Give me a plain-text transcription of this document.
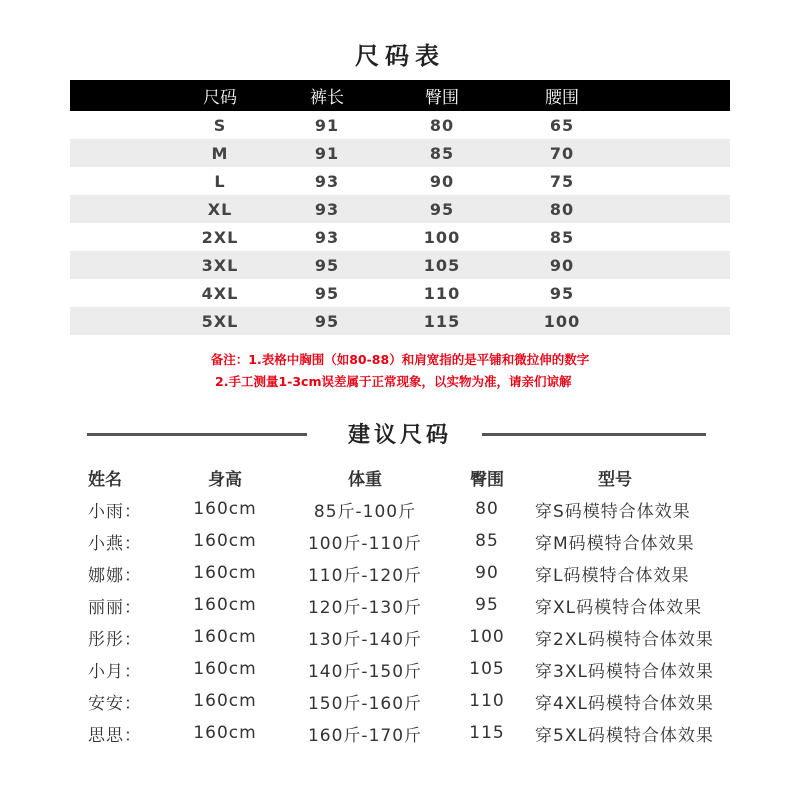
尺码表
尺码	裤长	臀围	腰围
S	91	80	65
M	91	85	70
L	93	90	75
XL	93	95	80
2XL	93	100	85
3XL	95	105	90
4XL	95	110	95
5XL	95	115	100
备注：1.表格中胸围（如80-88）和肩宽指的是平铺和微拉伸的数字
2.手工测量1-3cm误差属于正常现象，以实物为准，请亲们谅解
建议尺码
姓名	身高	体重	臀围	型号
小雨：	160cm	85斤-100斤	80	穿S码模特合体效果
小燕：	160cm	100斤-110斤	85	穿M码模特合体效果
娜娜：	160cm	110斤-120斤	90	穿L码模特合体效果
丽丽：	160cm	120斤-130斤	95	穿XL码模特合体效果
彤彤：	160cm	130斤-140斤	100	穿2XL码模特合体效果
小月：	160cm	140斤-150斤	105	穿3XL码模特合体效果
安安：	160cm	150斤-160斤	110	穿4XL码模特合体效果
思思：	160cm	160斤-170斤	115	穿5XL码模特合体效果
